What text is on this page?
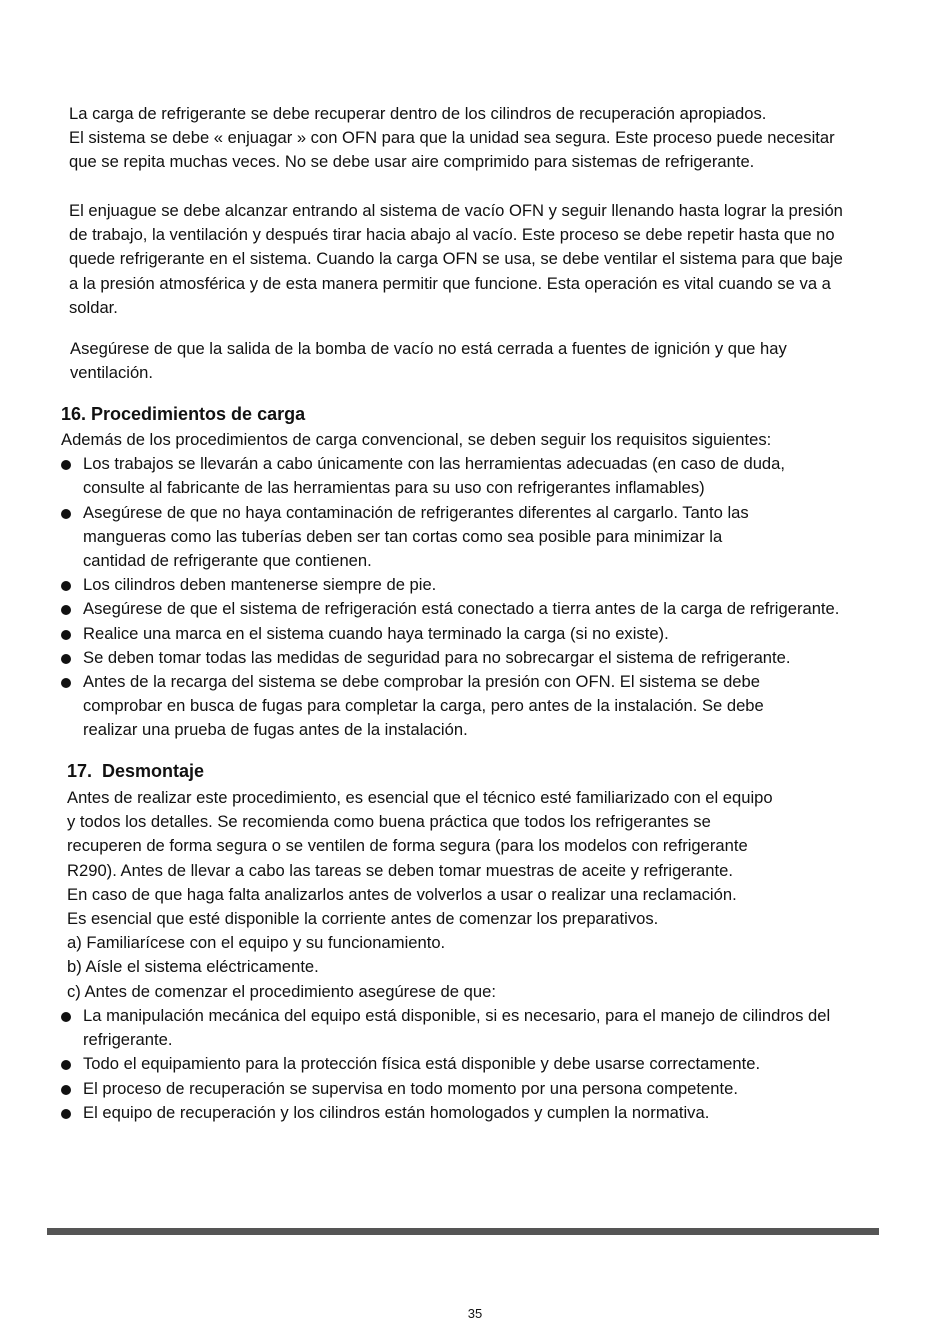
La carga de refrigerante se debe recuperar dentro de los cilindros de recuperación apropiados.

El sistema se debe « enjuagar » con OFN para que la unidad sea segura. Este proceso puede necesitar

que se repita muchas veces. No se debe usar aire comprimido para sistemas de refrigerante.

El enjuague se debe alcanzar entrando al sistema de vacío OFN y seguir llenando hasta lograr la presión

de trabajo, la ventilación y después tirar hacia abajo al vacío. Este proceso se debe repetir hasta que no

quede refrigerante en el sistema. Cuando la carga OFN se usa, se debe ventilar el sistema para que baje

a la presión atmosférica y de esta manera permitir que funcione. Esta operación es vital cuando se va a

soldar.

Asegúrese de que la salida de la bomba de vacío no está cerrada a fuentes de ignición y que hay

ventilación.

16. Procedimientos de carga

Además de los procedimientos de carga convencional, se deben seguir los requisitos siguientes:

Los trabajos se llevarán a cabo únicamente con las herramientas adecuadas (en caso de duda,
consulte al fabricante de las herramientas para su uso con refrigerantes inflamables)
Asegúrese de que no haya contaminación de refrigerantes diferentes al cargarlo. Tanto las
mangueras como las tuberías deben ser tan cortas como sea posible para minimizar la
cantidad de refrigerante que contienen.
Los cilindros deben mantenerse siempre de pie.
Asegúrese de que el sistema de refrigeración está conectado a tierra antes de la carga de refrigerante.
Realice una marca en el sistema cuando haya terminado la carga (si no existe).
Se deben tomar todas las medidas de seguridad para no sobrecargar el sistema de refrigerante.
Antes de la recarga del sistema se debe comprobar la presión con OFN. El sistema se debe
comprobar en busca de fugas para completar la carga, pero antes de la instalación. Se debe
realizar una prueba de fugas antes de la instalación.
17.  Desmontaje

Antes de realizar este procedimiento, es esencial que el técnico esté familiarizado con el equipo

y todos los detalles. Se recomienda como buena práctica que todos los refrigerantes se

recuperen de forma segura o se ventilen de forma segura (para los modelos con refrigerante

R290). Antes de llevar a cabo las tareas se deben tomar muestras de aceite y refrigerante.

En caso de que haga falta analizarlos antes de volverlos a usar o realizar una reclamación.

Es esencial que esté disponible la corriente antes de comenzar los preparativos.

a) Familiarícese con el equipo y su funcionamiento.

b) Aísle el sistema eléctricamente.

c) Antes de comenzar el procedimiento asegúrese de que:

La manipulación mecánica del equipo está disponible, si es necesario, para el manejo de cilindros del
refrigerante.
Todo el equipamiento para la protección física está disponible y debe usarse correctamente.
El proceso de recuperación se supervisa en todo momento por una persona competente.
El equipo de recuperación y los cilindros están homologados y cumplen la normativa.
35
